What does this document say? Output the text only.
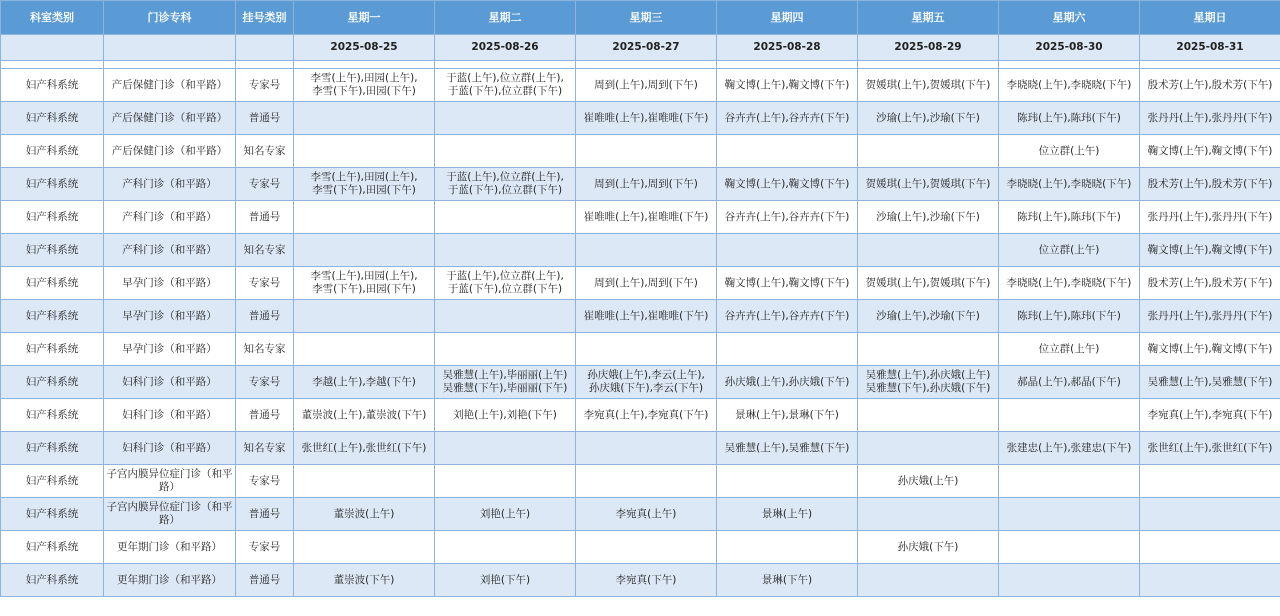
科室类别	门诊专科	挂号类别	星期一	星期二	星期三	星期四	星期五	星期六	星期日
			2025-08-25	2025-08-26	2025-08-27	2025-08-28	2025-08-29	2025-08-30	2025-08-31

妇产科系统	产后保健门诊（和平路）	专家号	李雪(上午),田园(上午),
李雪(下午),田园(下午)	于蓝(上午),位立群(上午),
于蓝(下午),位立群(下午)	周到(上午),周到(下午)	鞠文博(上午),鞠文博(下午)	贺媛琪(上午),贺媛琪(下午)	李晓晓(上午),李晓晓(下午)	殷术芳(上午),殷术芳(下午)
妇产科系统	产后保健门诊（和平路）	普通号			崔唯唯(上午),崔唯唯(下午)	谷卉卉(上午),谷卉卉(下午)	沙瑜(上午),沙瑜(下午)	陈玮(上午),陈玮(下午)	张丹丹(上午),张丹丹(下午)
妇产科系统	产后保健门诊（和平路）	知名专家						位立群(上午)	鞠文博(上午),鞠文博(下午)
妇产科系统	产科门诊（和平路）	专家号	李雪(上午),田园(上午),
李雪(下午),田园(下午)	于蓝(上午),位立群(上午),
于蓝(下午),位立群(下午)	周到(上午),周到(下午)	鞠文博(上午),鞠文博(下午)	贺媛琪(上午),贺媛琪(下午)	李晓晓(上午),李晓晓(下午)	殷术芳(上午),殷术芳(下午)
妇产科系统	产科门诊（和平路）	普通号			崔唯唯(上午),崔唯唯(下午)	谷卉卉(上午),谷卉卉(下午)	沙瑜(上午),沙瑜(下午)	陈玮(上午),陈玮(下午)	张丹丹(上午),张丹丹(下午)
妇产科系统	产科门诊（和平路）	知名专家						位立群(上午)	鞠文博(上午),鞠文博(下午)
妇产科系统	早孕门诊（和平路）	专家号	李雪(上午),田园(上午),
李雪(下午),田园(下午)	于蓝(上午),位立群(上午),
于蓝(下午),位立群(下午)	周到(上午),周到(下午)	鞠文博(上午),鞠文博(下午)	贺媛琪(上午),贺媛琪(下午)	李晓晓(上午),李晓晓(下午)	殷术芳(上午),殷术芳(下午)
妇产科系统	早孕门诊（和平路）	普通号			崔唯唯(上午),崔唯唯(下午)	谷卉卉(上午),谷卉卉(下午)	沙瑜(上午),沙瑜(下午)	陈玮(上午),陈玮(下午)	张丹丹(上午),张丹丹(下午)
妇产科系统	早孕门诊（和平路）	知名专家						位立群(上午)	鞠文博(上午),鞠文博(下午)
妇产科系统	妇科门诊（和平路）	专家号	李越(上午),李越(下午)	吴雅慧(上午),毕丽丽(上午)
吴雅慧(下午),毕丽丽(下午)	孙庆娥(上午),李云(上午),
孙庆娥(下午),李云(下午)	孙庆娥(上午),孙庆娥(下午)	吴雅慧(上午),孙庆娥(上午)
吴雅慧(下午),孙庆娥(下午)	郝晶(上午),郝晶(下午)	吴雅慧(上午),吴雅慧(下午)
妇产科系统	妇科门诊（和平路）	普通号	董崇波(上午),董崇波(下午)	刘艳(上午),刘艳(下午)	李宛真(上午),李宛真(下午)	景琳(上午),景琳(下午)			李宛真(上午),李宛真(下午)
妇产科系统	妇科门诊（和平路）	知名专家	张世红(上午),张世红(下午)			吴雅慧(上午),吴雅慧(下午)		张建忠(上午),张建忠(下午)	张世红(上午),张世红(下午)
妇产科系统	子宫内膜异位症门诊（和平路）	专家号					孙庆娥(上午)		
妇产科系统	子宫内膜异位症门诊（和平路）	普通号	董崇波(上午)	刘艳(上午)	李宛真(上午)	景琳(上午)			
妇产科系统	更年期门诊（和平路）	专家号					孙庆娥(下午)		
妇产科系统	更年期门诊（和平路）	普通号	董崇波(下午)	刘艳(下午)	李宛真(下午)	景琳(下午)			
